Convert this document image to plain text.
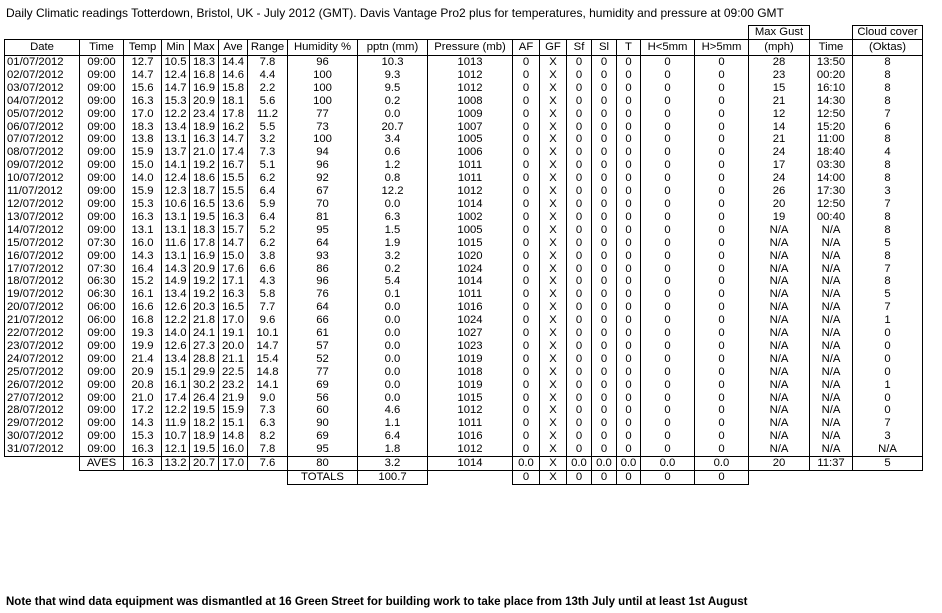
Daily Climatic readings Totterdown, Bristol, UK - July 2012 (GMT). Davis Vantage Pro2 plus for temperatures, humidity and pressure at 09:00 GMT
																	Max Gust		Cloud cover
Date	Time	Temp	Min	Max	Ave	Range	Humidity %	pptn (mm)	Pressure (mb)	AF	GF	Sf	Sl	T	H<5mm	H>5mm	(mph)	Time	(Oktas)
01/07/2012	09:00	12.7	10.5	18.3	14.4	7.8	96	10.3	1013	0	X	0	0	0	0	0	28	13:50	8
02/07/2012	09:00	14.7	12.4	16.8	14.6	4.4	100	9.3	1012	0	X	0	0	0	0	0	23	00:20	8
03/07/2012	09:00	15.6	14.7	16.9	15.8	2.2	100	9.5	1012	0	X	0	0	0	0	0	15	16:10	8
04/07/2012	09:00	16.3	15.3	20.9	18.1	5.6	100	0.2	1008	0	X	0	0	0	0	0	21	14:30	8
05/07/2012	09:00	17.0	12.2	23.4	17.8	11.2	77	0.0	1009	0	X	0	0	0	0	0	12	12:50	7
06/07/2012	09:00	18.3	13.4	18.9	16.2	5.5	73	20.7	1007	0	X	0	0	0	0	0	14	15:20	6
07/07/2012	09:00	13.8	13.1	16.3	14.7	3.2	100	3.4	1005	0	X	0	0	0	0	0	21	11:00	8
08/07/2012	09:00	15.9	13.7	21.0	17.4	7.3	94	0.6	1006	0	X	0	0	0	0	0	24	18:40	4
09/07/2012	09:00	15.0	14.1	19.2	16.7	5.1	96	1.2	1011	0	X	0	0	0	0	0	17	03:30	8
10/07/2012	09:00	14.0	12.4	18.6	15.5	6.2	92	0.8	1011	0	X	0	0	0	0	0	24	14:00	8
11/07/2012	09:00	15.9	12.3	18.7	15.5	6.4	67	12.2	1012	0	X	0	0	0	0	0	26	17:30	3
12/07/2012	09:00	15.3	10.6	16.5	13.6	5.9	70	0.0	1014	0	X	0	0	0	0	0	20	12:50	7
13/07/2012	09:00	16.3	13.1	19.5	16.3	6.4	81	6.3	1002	0	X	0	0	0	0	0	19	00:40	8
14/07/2012	09:00	13.1	13.1	18.3	15.7	5.2	95	1.5	1005	0	X	0	0	0	0	0	N/A	N/A	8
15/07/2012	07:30	16.0	11.6	17.8	14.7	6.2	64	1.9	1015	0	X	0	0	0	0	0	N/A	N/A	5
16/07/2012	09:00	14.3	13.1	16.9	15.0	3.8	93	3.2	1020	0	X	0	0	0	0	0	N/A	N/A	8
17/07/2012	07:30	16.4	14.3	20.9	17.6	6.6	86	0.2	1024	0	X	0	0	0	0	0	N/A	N/A	7
18/07/2012	06:30	15.2	14.9	19.2	17.1	4.3	96	5.4	1014	0	X	0	0	0	0	0	N/A	N/A	8
19/07/2012	06:30	16.1	13.4	19.2	16.3	5.8	76	0.1	1011	0	X	0	0	0	0	0	N/A	N/A	5
20/07/2012	06:00	16.6	12.6	20.3	16.5	7.7	64	0.0	1016	0	X	0	0	0	0	0	N/A	N/A	7
21/07/2012	06:00	16.8	12.2	21.8	17.0	9.6	66	0.0	1024	0	X	0	0	0	0	0	N/A	N/A	1
22/07/2012	09:00	19.3	14.0	24.1	19.1	10.1	61	0.0	1027	0	X	0	0	0	0	0	N/A	N/A	0
23/07/2012	09:00	19.9	12.6	27.3	20.0	14.7	57	0.0	1023	0	X	0	0	0	0	0	N/A	N/A	0
24/07/2012	09:00	21.4	13.4	28.8	21.1	15.4	52	0.0	1019	0	X	0	0	0	0	0	N/A	N/A	0
25/07/2012	09:00	20.9	15.1	29.9	22.5	14.8	77	0.0	1018	0	X	0	0	0	0	0	N/A	N/A	0
26/07/2012	09:00	20.8	16.1	30.2	23.2	14.1	69	0.0	1019	0	X	0	0	0	0	0	N/A	N/A	1
27/07/2012	09:00	21.0	17.4	26.4	21.9	9.0	56	0.0	1015	0	X	0	0	0	0	0	N/A	N/A	0
28/07/2012	09:00	17.2	12.2	19.5	15.9	7.3	60	4.6	1012	0	X	0	0	0	0	0	N/A	N/A	0
29/07/2012	09:00	14.3	11.9	18.2	15.1	6.3	90	1.1	1011	0	X	0	0	0	0	0	N/A	N/A	7
30/07/2012	09:00	15.3	10.7	18.9	14.8	8.2	69	6.4	1016	0	X	0	0	0	0	0	N/A	N/A	3
31/07/2012	09:00	16.3	12.1	19.5	16.0	7.8	95	1.8	1012	0	X	0	0	0	0	0	N/A	N/A	N/A
	AVES	16.3	13.2	20.7	17.0	7.6	80	3.2	1014	0.0	X	0.0	0.0	0.0	0.0	0.0	20	11:37	5
							TOTALS	100.7		0	X	0	0	0	0	0			
Note that wind data equipment was dismantled at 16 Green Street for building work to take place from 13th July until at least 1st August
